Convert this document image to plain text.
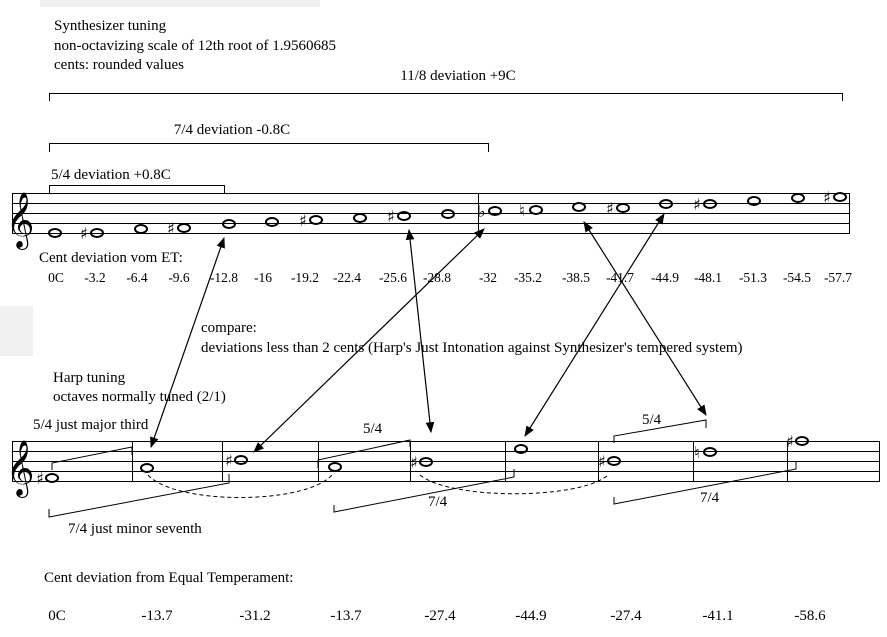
Synthesizer tuning
non-octavizing scale of 12th root of 1.9560685
cents: rounded values
11/8 deviation +9C
7/4 deviation -0.8C
5/4 deviation +0.8C
𝄞
𝄞
♯	♯	♯	♯	♭ ♮	♯	♯	♯
♯
♯	♯	♯	♮
♯
Cent deviation vom ET:
0C -3.2 -6.4 -9.6 -12.8 -16 -19.2 -22.4 -25.6 -28.8 -32 -35.2 -38.5 -41.7 -44.9 -48.1 -51.3 -54.5 -57.7
compare:
deviations less than 2 cents (Harp's Just Intonation against Synthesizer's tempered system)
Harp tuning
octaves normally tuned (2/1)
5/4 just major third	5/4
5/4
7/4	7/4
7/4 just minor seventh
Cent deviation from Equal Temperament:
0C	-13.7	-31.2	-13.7	-27.4	-44.9	-27.4	-41.1	-58.6
